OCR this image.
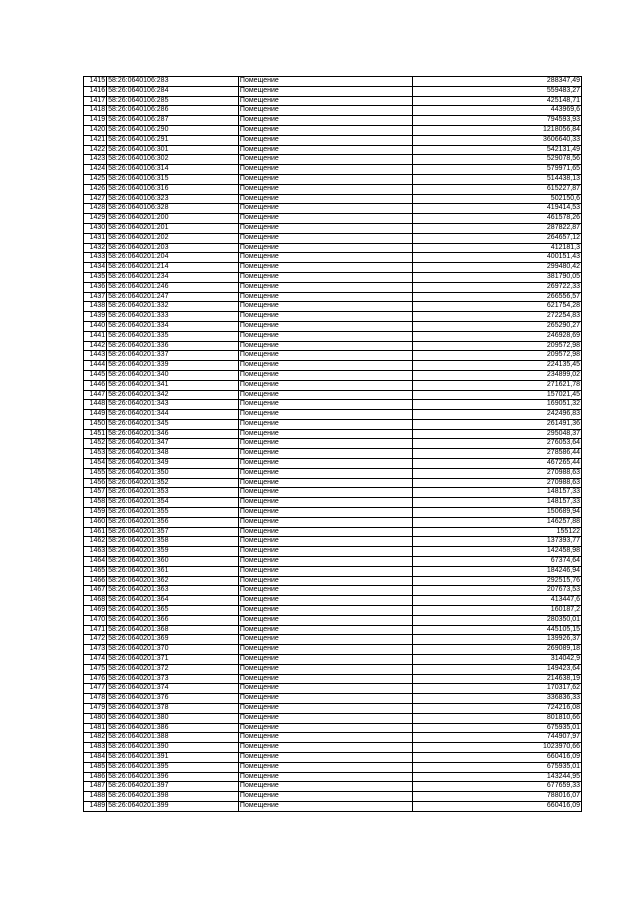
1415	58:26:0640106:283	Помещение	288347,49
1416	58:26:0640106:284	Помещение	559483,27
1417	58:26:0640106:285	Помещение	425148,71
1418	58:26:0640106:286	Помещение	443969,6
1419	58:26:0640106:287	Помещение	794593,93
1420	58:26:0640106:290	Помещение	1218056,84
1421	58:26:0640106:291	Помещение	3606640,33
1422	58:26:0640106:301	Помещение	542131,49
1423	58:26:0640106:302	Помещение	529078,56
1424	58:26:0640106:314	Помещение	579971,65
1425	58:26:0640106:315	Помещение	514438,13
1426	58:26:0640106:316	Помещение	615227,87
1427	58:26:0640106:323	Помещение	502150,6
1428	58:26:0640106:328	Помещение	419414,53
1429	58:26:0640201:200	Помещение	461578,26
1430	58:26:0640201:201	Помещение	287822,87
1431	58:26:0640201:202	Помещение	264657,12
1432	58:26:0640201:203	Помещение	412181,3
1433	58:26:0640201:204	Помещение	400151,43
1434	58:26:0640201:214	Помещение	299480,42
1435	58:26:0640201:234	Помещение	381790,05
1436	58:26:0640201:246	Помещение	269722,33
1437	58:26:0640201:247	Помещение	266556,57
1438	58:26:0640201:332	Помещение	621754,28
1439	58:26:0640201:333	Помещение	272254,83
1440	58:26:0640201:334	Помещение	265290,27
1441	58:26:0640201:335	Помещение	246928,69
1442	58:26:0640201:336	Помещение	209572,98
1443	58:26:0640201:337	Помещение	209572,98
1444	58:26:0640201:339	Помещение	224135,45
1445	58:26:0640201:340	Помещение	234899,02
1446	58:26:0640201:341	Помещение	271621,78
1447	58:26:0640201:342	Помещение	157021,45
1448	58:26:0640201:343	Помещение	169051,32
1449	58:26:0640201:344	Помещение	242496,83
1450	58:26:0640201:345	Помещение	261491,36
1451	58:26:0640201:346	Помещение	295048,37
1452	58:26:0640201:347	Помещение	276053,64
1453	58:26:0640201:348	Помещение	278586,44
1454	58:26:0640201:349	Помещение	467265,44
1455	58:26:0640201:350	Помещение	270988,63
1456	58:26:0640201:352	Помещение	270988,63
1457	58:26:0640201:353	Помещение	148157,33
1458	58:26:0640201:354	Помещение	148157,33
1459	58:26:0640201:355	Помещение	150689,94
1460	58:26:0640201:356	Помещение	146257,88
1461	58:26:0640201:357	Помещение	155122
1462	58:26:0640201:358	Помещение	137393,77
1463	58:26:0640201:359	Помещение	142458,98
1464	58:26:0640201:360	Помещение	67374,64
1465	58:26:0640201:361	Помещение	184246,94
1466	58:26:0640201:362	Помещение	292515,76
1467	58:26:0640201:363	Помещение	207673,53
1468	58:26:0640201:364	Помещение	413447,6
1469	58:26:0640201:365	Помещение	160187,2
1470	58:26:0640201:366	Помещение	280350,01
1471	58:26:0640201:368	Помещение	445105,15
1472	58:26:0640201:369	Помещение	139926,37
1473	58:26:0640201:370	Помещение	269089,18
1474	58:26:0640201:371	Помещение	314042,9
1475	58:26:0640201:372	Помещение	149423,64
1476	58:26:0640201:373	Помещение	214638,19
1477	58:26:0640201:374	Помещение	170317,62
1478	58:26:0640201:376	Помещение	336836,33
1479	58:26:0640201:378	Помещение	724216,08
1480	58:26:0640201:380	Помещение	801810,66
1481	58:26:0640201:386	Помещение	675935,01
1482	58:26:0640201:388	Помещение	744907,97
1483	58:26:0640201:390	Помещение	1023970,66
1484	58:26:0640201:391	Помещение	660416,09
1485	58:26:0640201:395	Помещение	675935,01
1486	58:26:0640201:396	Помещение	143244,95
1487	58:26:0640201:397	Помещение	677659,33
1488	58:26:0640201:398	Помещение	788016,07
1489	58:26:0640201:399	Помещение	660416,09
